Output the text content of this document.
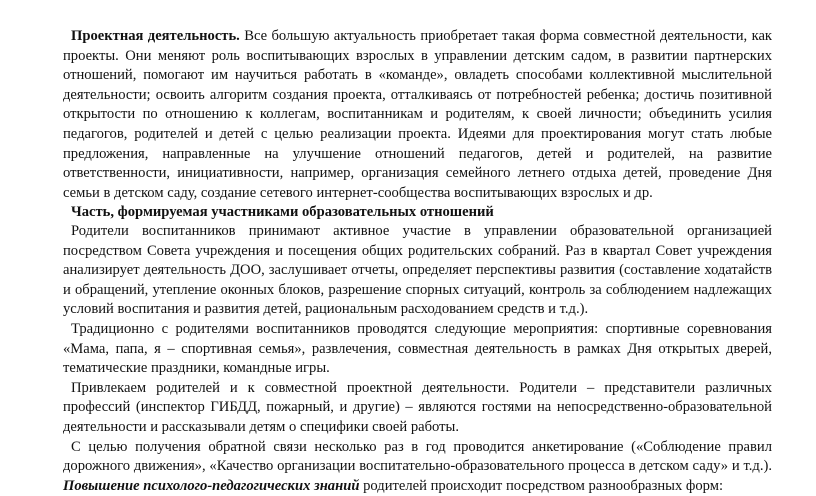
Проектная деятельность. Все большую актуальность приобретает такая форма совместной деятельности, как проекты. Они меняют роль воспитывающих взрослых в управлении детским садом, в развитии партнерских отношений, помогают им научиться работать в «команде», овладеть способами коллективной мыслительной деятельности; освоить алгоритм создания проекта, отталкиваясь от потребностей ребенка; достичь позитивной открытости по отношению к коллегам, воспитанникам и родителям, к своей личности; объединить усилия педагогов, родителей и детей с целью реализации проекта. Идеями для проектирования могут стать любые предложения, направленные на улучшение отношений педагогов, детей и родителей, на развитие ответственности, инициативности, например, организация семейного летнего отдыха детей, проведение Дня семьи в детском саду, создание сетевого интернет-сообщества воспитывающих взрослых и др.

Часть, формируемая участниками образовательных отношений

Родители воспитанников принимают активное участие в управлении образовательной организацией посредством Совета учреждения и посещения общих родительских собраний. Раз в квартал Совет учреждения анализирует деятельность ДОО, заслушивает отчеты, определяет перспективы развития (составление ходатайств и обращений, утепление оконных блоков, разрешение спорных ситуаций, контроль за соблюдением надлежащих условий воспитания и развития детей, рациональным расходованием средств и т.д.).

Традиционно с родителями воспитанников проводятся следующие мероприятия: спортивные соревнования «Мама, папа, я – спортивная семья», развлечения, совместная деятельность в рамках Дня открытых дверей, тематические праздники, командные игры.

Привлекаем родителей и к совместной проектной деятельности. Родители – представители различных профессий (инспектор ГИБДД, пожарный, и другие) – являются гостями на непосредственно-образовательной деятельности и рассказывали детям о специфики своей работы.

С целью получения обратной связи несколько раз в год проводится анкетирование («Соблюдение правил дорожного движения», «Качество организации воспитательно-образовательного процесса в детском саду» и т.д.). Повышение психолого-педагогических знаний родителей происходит посредством разнообразных форм:
